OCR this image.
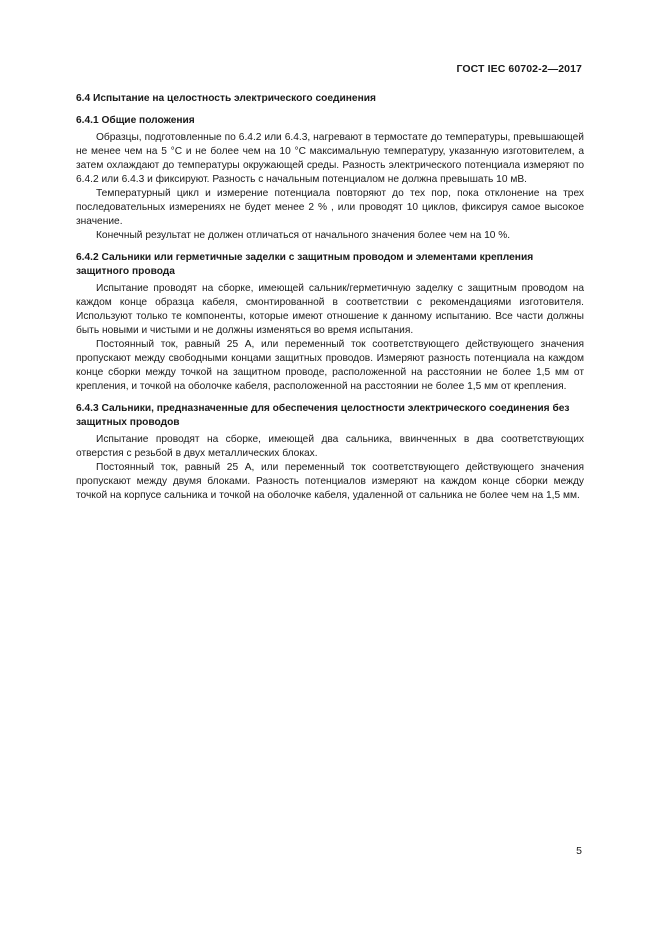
ГОСТ IEC 60702-2—2017
6.4 Испытание на целостность электрического соединения
6.4.1 Общие положения

Образцы, подготовленные по 6.4.2 или 6.4.3, нагревают в термостате до температуры, превышающей не менее чем на 5 °С и не более чем на 10 °С максимальную температуру, указанную изготовителем, а затем охлаждают до температуры окружающей среды. Разность электрического потенциала измеряют по 6.4.2 или 6.4.3 и фиксируют. Разность с начальным потенциалом не должна превышать 10 мВ.

Температурный цикл и измерение потенциала повторяют до тех пор, пока отклонение на трех последовательных измерениях не будет менее 2 % , или проводят 10 циклов, фиксируя самое высокое значение.

Конечный результат не должен отличаться от начального значения более чем на 10 %.

6.4.2 Сальники или герметичные заделки с защитным проводом и элементами крепления защитного провода

Испытание проводят на сборке, имеющей сальник/герметичную заделку с защитным проводом на каждом конце образца кабеля, смонтированной в соответствии с рекомендациями изготовителя. Используют только те компоненты, которые имеют отношение к данному испытанию. Все части должны быть новыми и чистыми и не должны изменяться во время испытания.

Постоянный ток, равный 25 А, или переменный ток соответствующего действующего значения пропускают между свободными концами защитных проводов. Измеряют разность потенциала на каждом конце сборки между точкой на защитном проводе, расположенной на расстоянии не более 1,5 мм от крепления, и точкой на оболочке кабеля, расположенной на расстоянии не более 1,5 мм от крепления.

6.4.3 Сальники, предназначенные для обеспечения целостности электрического соединения без защитных проводов

Испытание проводят на сборке, имеющей два сальника, ввинченных в два соответствующих отверстия с резьбой в двух металлических блоках.

Постоянный ток, равный 25 А, или переменный ток соответствующего действующего значения пропускают между двумя блоками. Разность потенциалов измеряют на каждом конце сборки между точкой на корпусе сальника и точкой на оболочке кабеля, удаленной от сальника не более чем на 1,5 мм.

5
